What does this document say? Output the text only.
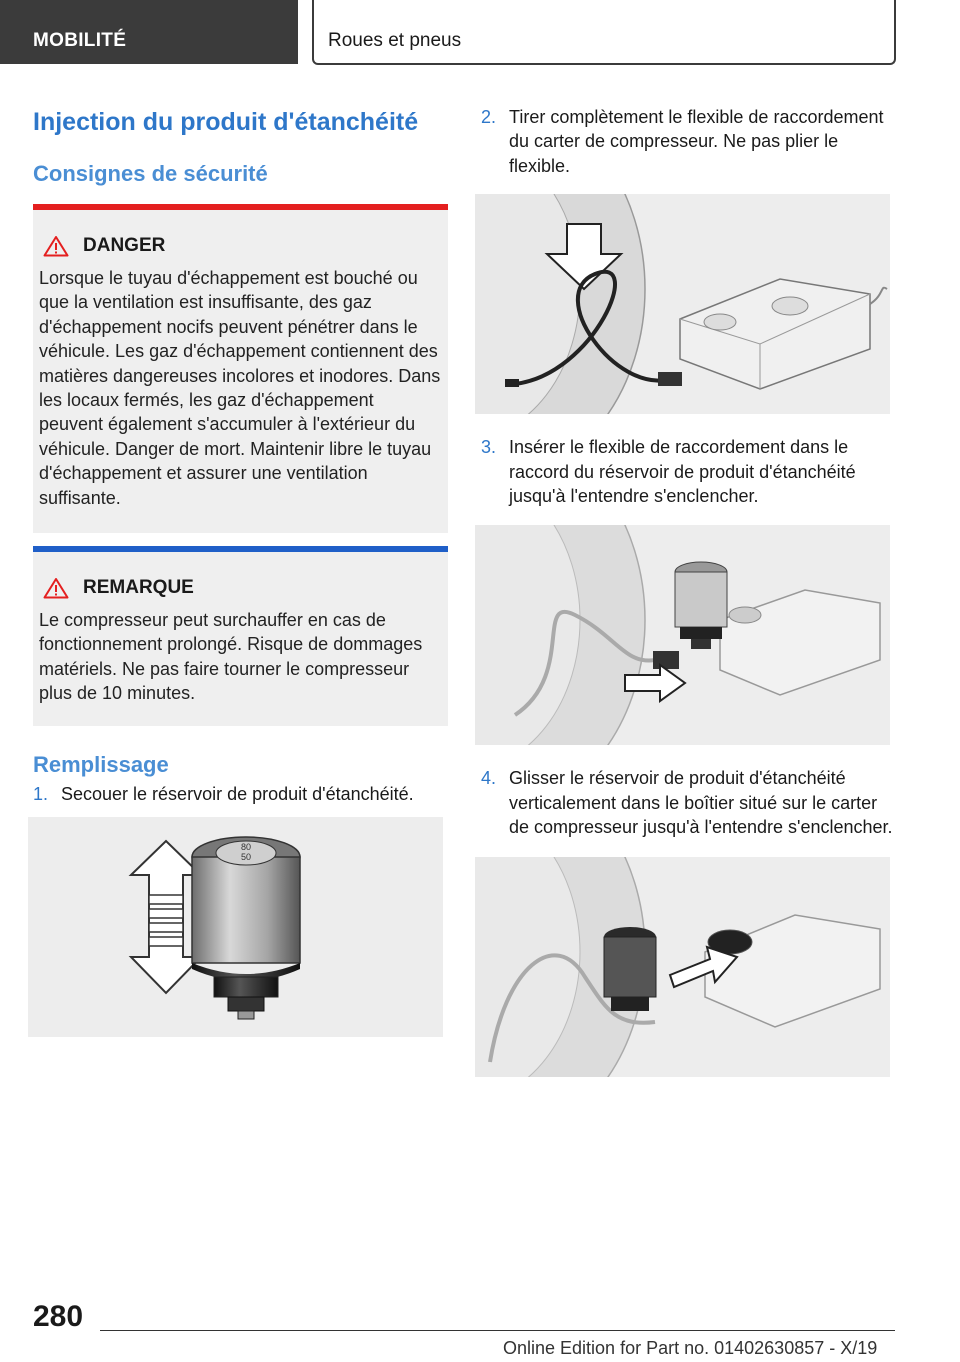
MOBILITÉ	Roues et pneus
Injection du produit d'étanchéité
Consignes de sécurité
DANGER
Lorsque le tuyau d'échappement est bouché ou que la ventilation est insuffisante, des gaz d'échappement nocifs peuvent pénétrer dans le véhicule. Les gaz d'échappement contiennent des matières dangereuses incolores et inodores. Dans les locaux fermés, les gaz d'échappement peuvent également s'accumuler à l'extérieur du véhicule. Danger de mort. Maintenir libre le tuyau d'échappement et assurer une ventilation suffisante.
REMARQUE
Le compresseur peut surchauffer en cas de fonctionnement prolongé. Risque de dommages matériels. Ne pas faire tourner le compresseur plus de 10 minutes.
Remplissage
1. Secouer le réservoir de produit d'étanchéité.
80
50
2. Tirer complètement le flexible de raccordement du carter de compresseur. Ne pas plier le flexible.
3. Insérer le flexible de raccordement dans le raccord du réservoir de produit d'étanchéité jusqu'à l'entendre s'enclencher.
4. Glisser le réservoir de produit d'étanchéité verticalement dans le boîtier situé sur le carter de compresseur jusqu'à l'entendre s'enclencher.
280
Online Edition for Part no. 01402630857 - X/19
